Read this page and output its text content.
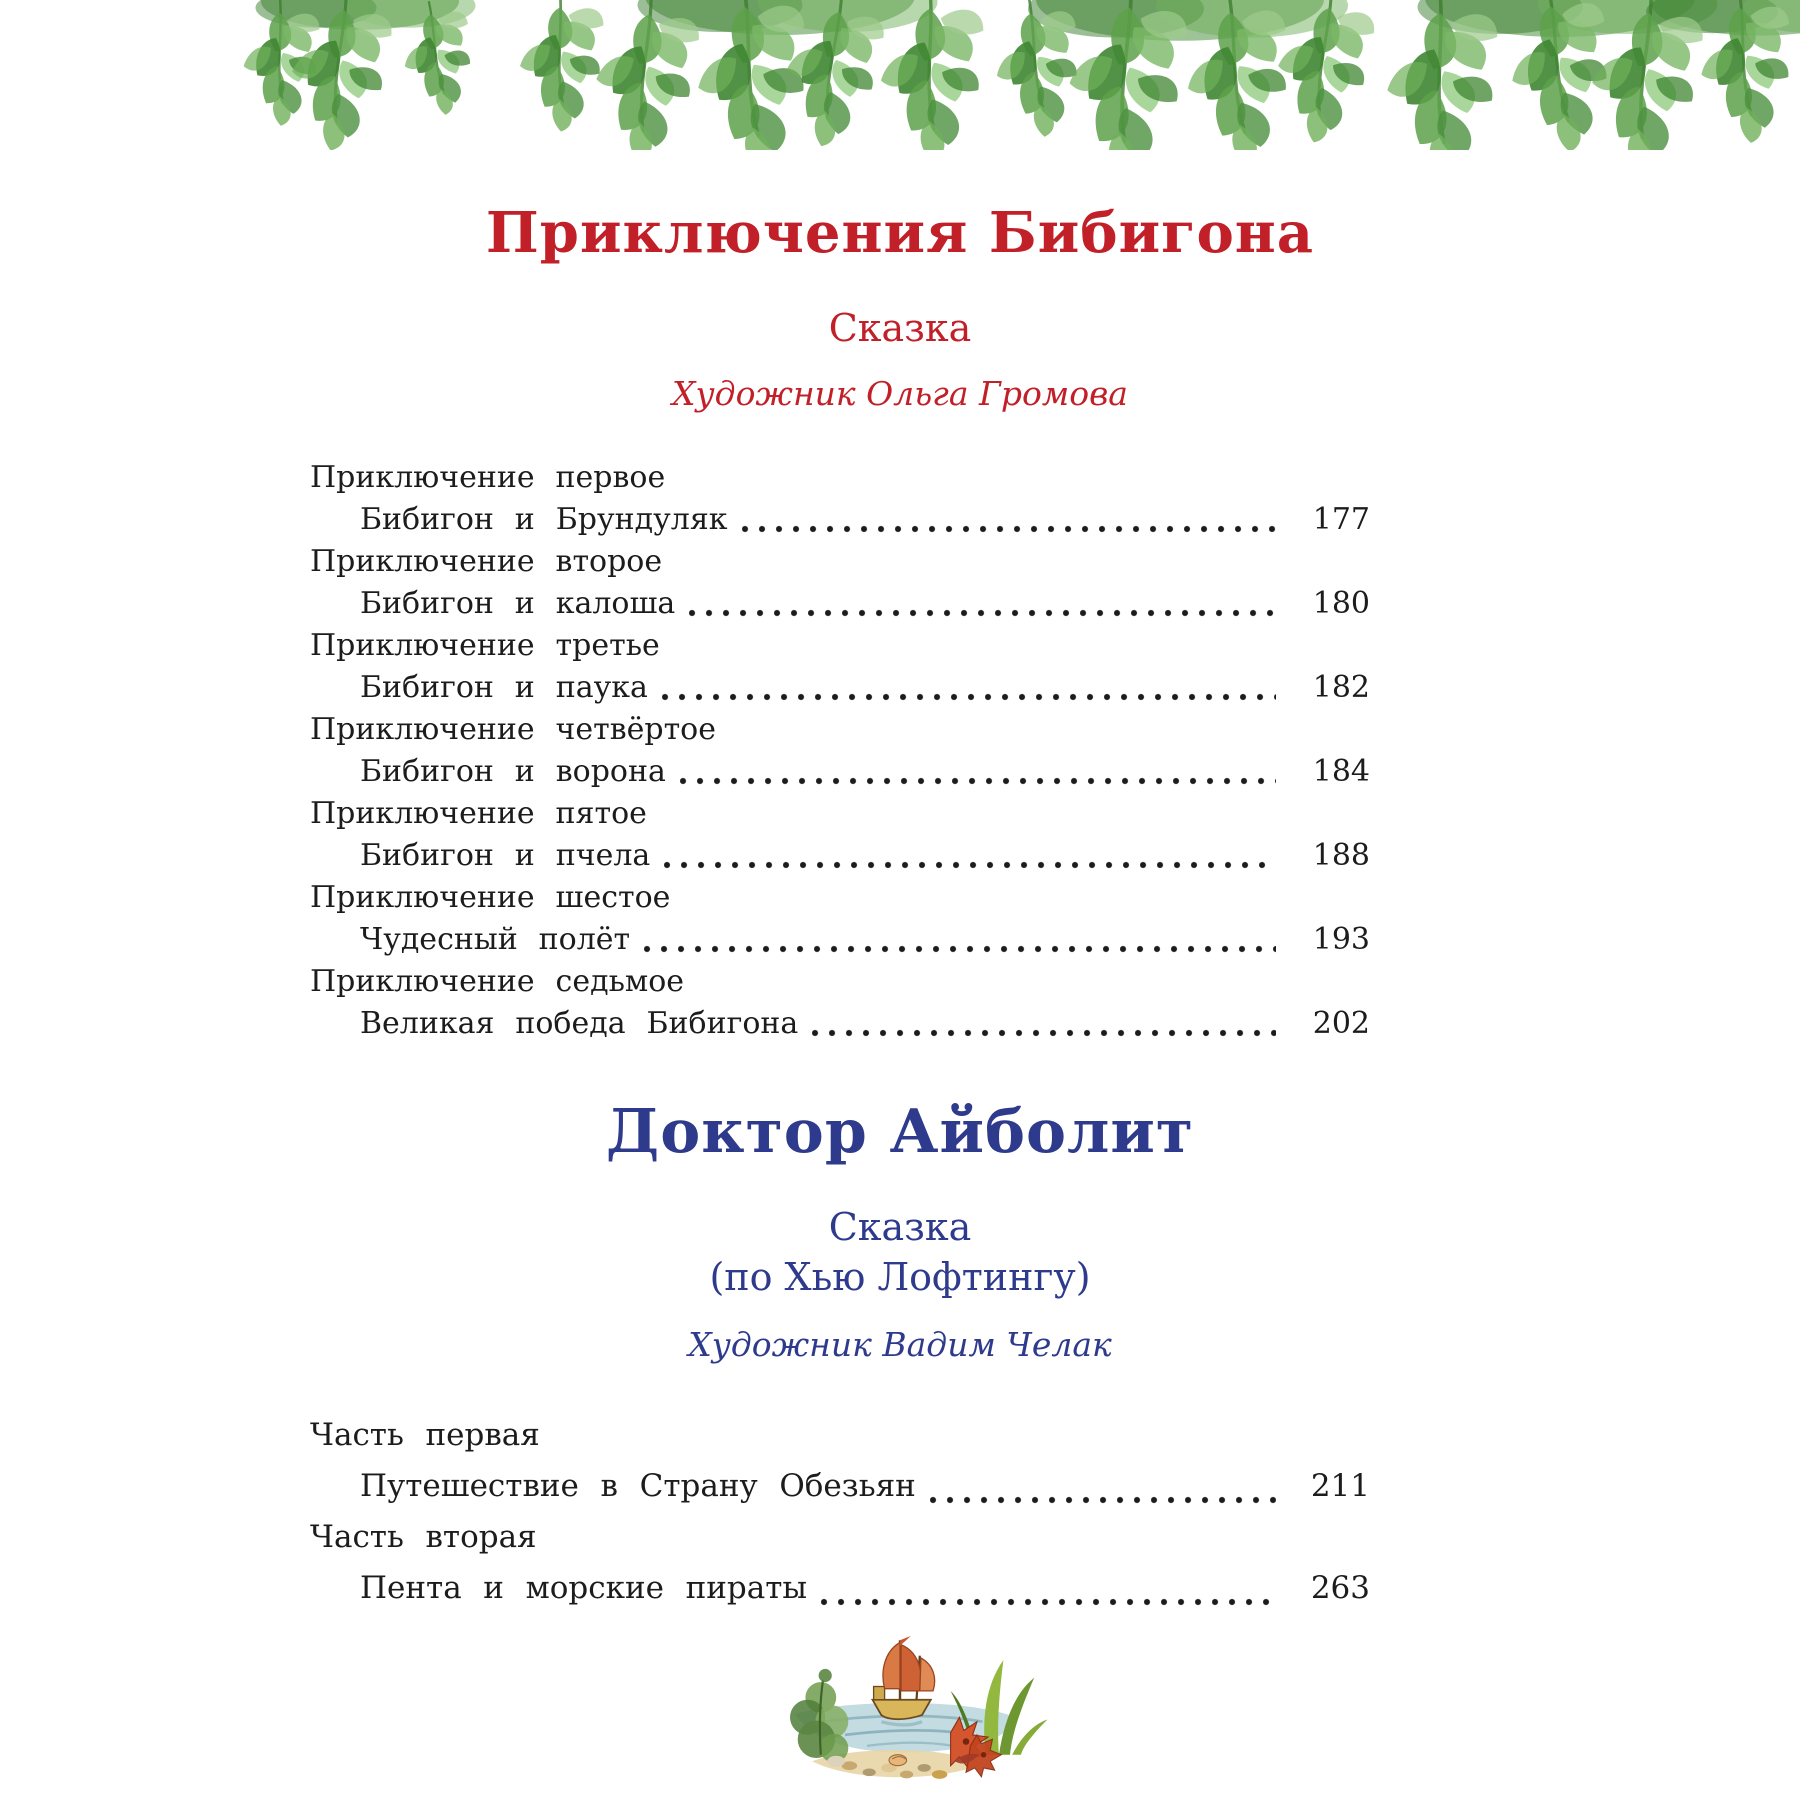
Приключения Бибигона
Сказка
Художник Ольга Громова
Приключение первое
Бибигон и Брундуляк	177
Приключение второе
Бибигон и калоша	180
Приключение третье
Бибигон и паука	182
Приключение четвёртое
Бибигон и ворона	184
Приключение пятое
Бибигон и пчела	188
Приключение шестое
Чудесный полёт	193
Приключение седьмое
Великая победа Бибигона	202
Доктор Айболит
Сказка
(по Хью Лофтингу)
Художник Вадим Челак
Часть первая
Путешествие в Страну Обезьян	211
Часть вторая
Пента и морские пираты	263
